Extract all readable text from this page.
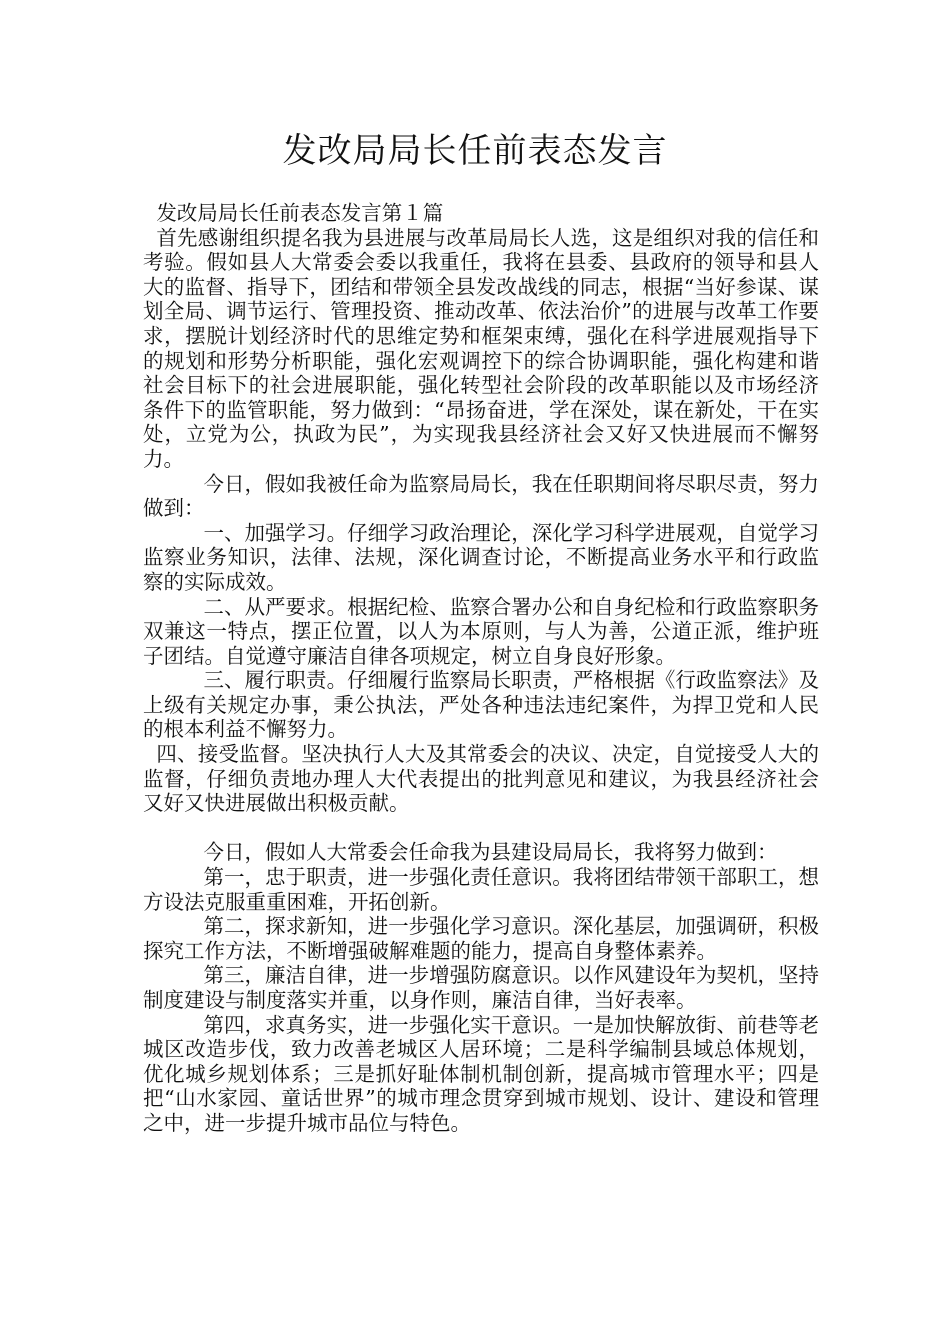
发改局局长任前表态发言

发改局局长任前表态发言第１篇

首先感谢组织提名我为县进展与改革局局长人选，这是组织对我的信任和考验。假如县人大常委会委以我重任，我将在县委、县政府的领导和县人大的监督、指导下，团结和带领全县发改战线的同志，根据“当好参谋、谋划全局、调节运行、管理投资、推动改革、依法治价”的进展与改革工作要求，摆脱计划经济时代的思维定势和框架束缚，强化在科学进展观指导下的规划和形势分析职能，强化宏观调控下的综合协调职能，强化构建和谐社会目标下的社会进展职能，强化转型社会阶段的改革职能以及市场经济条件下的监管职能，努力做到：“昂扬奋进，学在深处，谋在新处，干在实处，立党为公，执政为民”，为实现我县经济社会又好又快进展而不懈努力。

今日，假如我被任命为监察局局长，我在任职期间将尽职尽责，努力做到：

一、加强学习。仔细学习政治理论，深化学习科学进展观，自觉学习监察业务知识，法律、法规，深化调查讨论，不断提高业务水平和行政监察的实际成效。

二、从严要求。根据纪检、监察合署办公和自身纪检和行政监察职务双兼这一特点，摆正位置，以人为本原则，与人为善，公道正派，维护班子团结。自觉遵守廉洁自律各项规定，树立自身良好形象。

三、履行职责。仔细履行监察局长职责，严格根据《行政监察法》及上级有关规定办事，秉公执法，严处各种违法违纪案件，为捍卫党和人民的根本利益不懈努力。

四、接受监督。坚决执行人大及其常委会的决议、决定，自觉接受人大的监督，仔细负责地办理人大代表提出的批判意见和建议，为我县经济社会又好又快进展做出积极贡献。

今日，假如人大常委会任命我为县建设局局长，我将努力做到：

第一，忠于职责，进一步强化责任意识。我将团结带领干部职工，想方设法克服重重困难，开拓创新。

第二，探求新知，进一步强化学习意识。深化基层，加强调研，积极探究工作方法，不断增强破解难题的能力，提高自身整体素养。

第三，廉洁自律，进一步增强防腐意识。以作风建设年为契机，坚持制度建设与制度落实并重，以身作则，廉洁自律，当好表率。

第四，求真务实，进一步强化实干意识。一是加快解放街、前巷等老城区改造步伐，致力改善老城区人居环境；二是科学编制县域总体规划，优化城乡规划体系；三是抓好耻体制机制创新，提高城市管理水平；四是把“山水家园、童话世界”的城市理念贯穿到城市规划、设计、建设和管理之中，进一步提升城市品位与特色。
